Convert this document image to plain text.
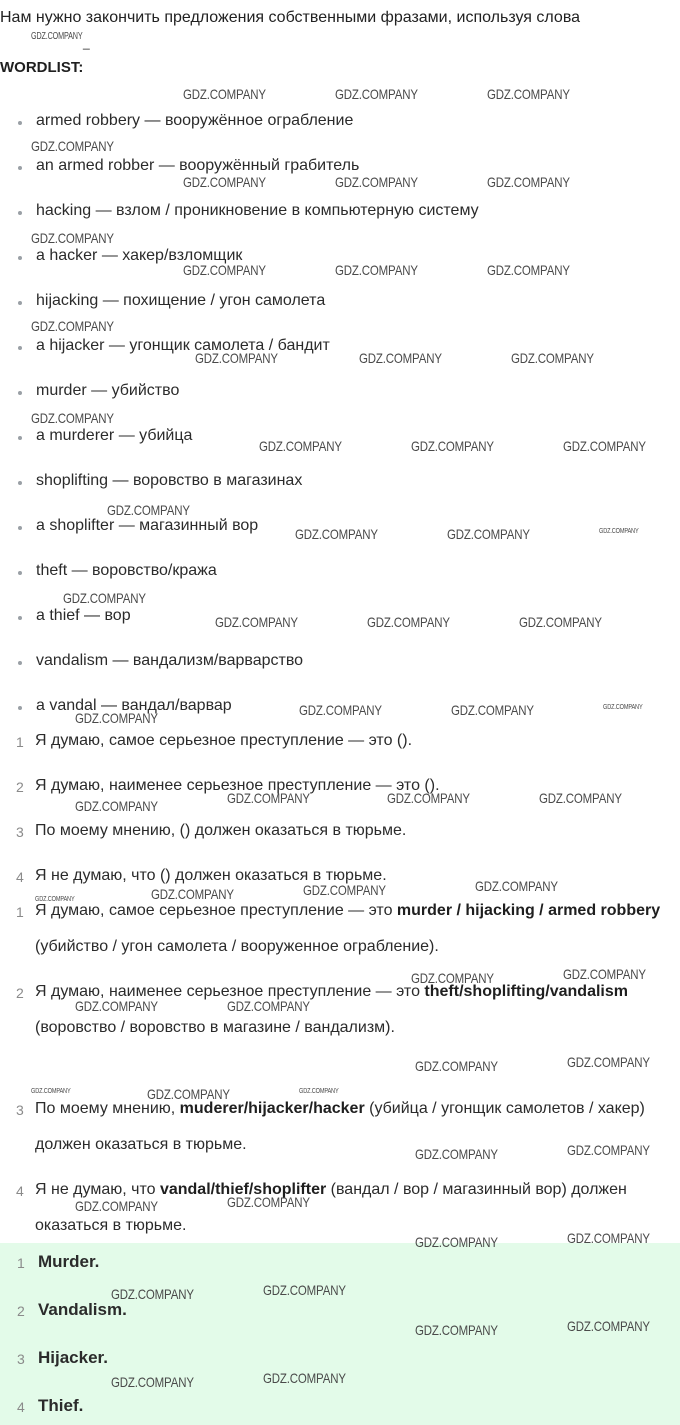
Нам нужно закончить предложения собственными фразами, используя слова
_
WORDLIST:
armed robbery — вооружённое ограбление
an armed robber — вооружённый грабитель
hacking — взлом / проникновение в компьютерную систему
a hacker — хакер/взломщик
hijacking — похищение / угон самолета
a hijacker — угонщик самолета / бандит
murder — убийство
a murderer — убийца
shoplifting — воровство в магазинах
a shoplifter — магазинный вор
theft — воровство/кража
a thief — вор
vandalism — вандализм/варварство
a vandal — вандал/варвар
1 Я думаю, самое серьезное преступление — это ().
2 Я думаю, наименее серьезное преступление — это ().
3 По моему мнению, () должен оказаться в тюрьме.
4 Я не думаю, что () должен оказаться в тюрьме.
1 Я думаю, самое серьезное преступление — это murder / hijacking / armed robbery (убийство / угон самолета / вооруженное ограбление).
2 Я думаю, наименее серьезное преступление — это theft/shoplifting/vandalism (воровство / воровство в магазине / вандализм).
3 По моему мнению, muderer/hijacker/hacker (убийца / угонщик самолетов / хакер) должен оказаться в тюрьме.
4 Я не думаю, что vandal/thief/shoplifter (вандал / вор / магазинный вор) должен оказаться в тюрьме.
1 Murder.
2 Vandalism.
3 Hijacker.
4 Thief.
GDZ.COMPANY
GDZ.COMPANY	GDZ.COMPANY	GDZ.COMPANY
GDZ.COMPANY
GDZ.COMPANY	GDZ.COMPANY	GDZ.COMPANY
GDZ.COMPANY
GDZ.COMPANY	GDZ.COMPANY	GDZ.COMPANY
GDZ.COMPANY
GDZ.COMPANY	GDZ.COMPANY	GDZ.COMPANY
GDZ.COMPANY
GDZ.COMPANY	GDZ.COMPANY	GDZ.COMPANY
GDZ.COMPANY
GDZ.COMPANY	GDZ.COMPANY	GDZ.COMPANY
GDZ.COMPANY
GDZ.COMPANY	GDZ.COMPANY	GDZ.COMPANY
GDZ.COMPANY	GDZ.COMPANY	GDZ.COMPANY
GDZ.COMPANY
GDZ.COMPANY	GDZ.COMPANY	GDZ.COMPANY
GDZ.COMPANY
GDZ.COMPANY	GDZ.COMPANY	GDZ.COMPANY
GDZ.COMPANY
GDZ.COMPANY	GDZ.COMPANY
GDZ.COMPANY	GDZ.COMPANY
GDZ.COMPANY	GDZ.COMPANY
GDZ.COMPANY	GDZ.COMPANY	GDZ.COMPANY
GDZ.COMPANY	GDZ.COMPANY
GDZ.COMPANY	GDZ.COMPANY
GDZ.COMPANY	GDZ.COMPANY
GDZ.COMPANY	GDZ.COMPANY
GDZ.COMPANY	GDZ.COMPANY
GDZ.COMPANY	GDZ.COMPANY
